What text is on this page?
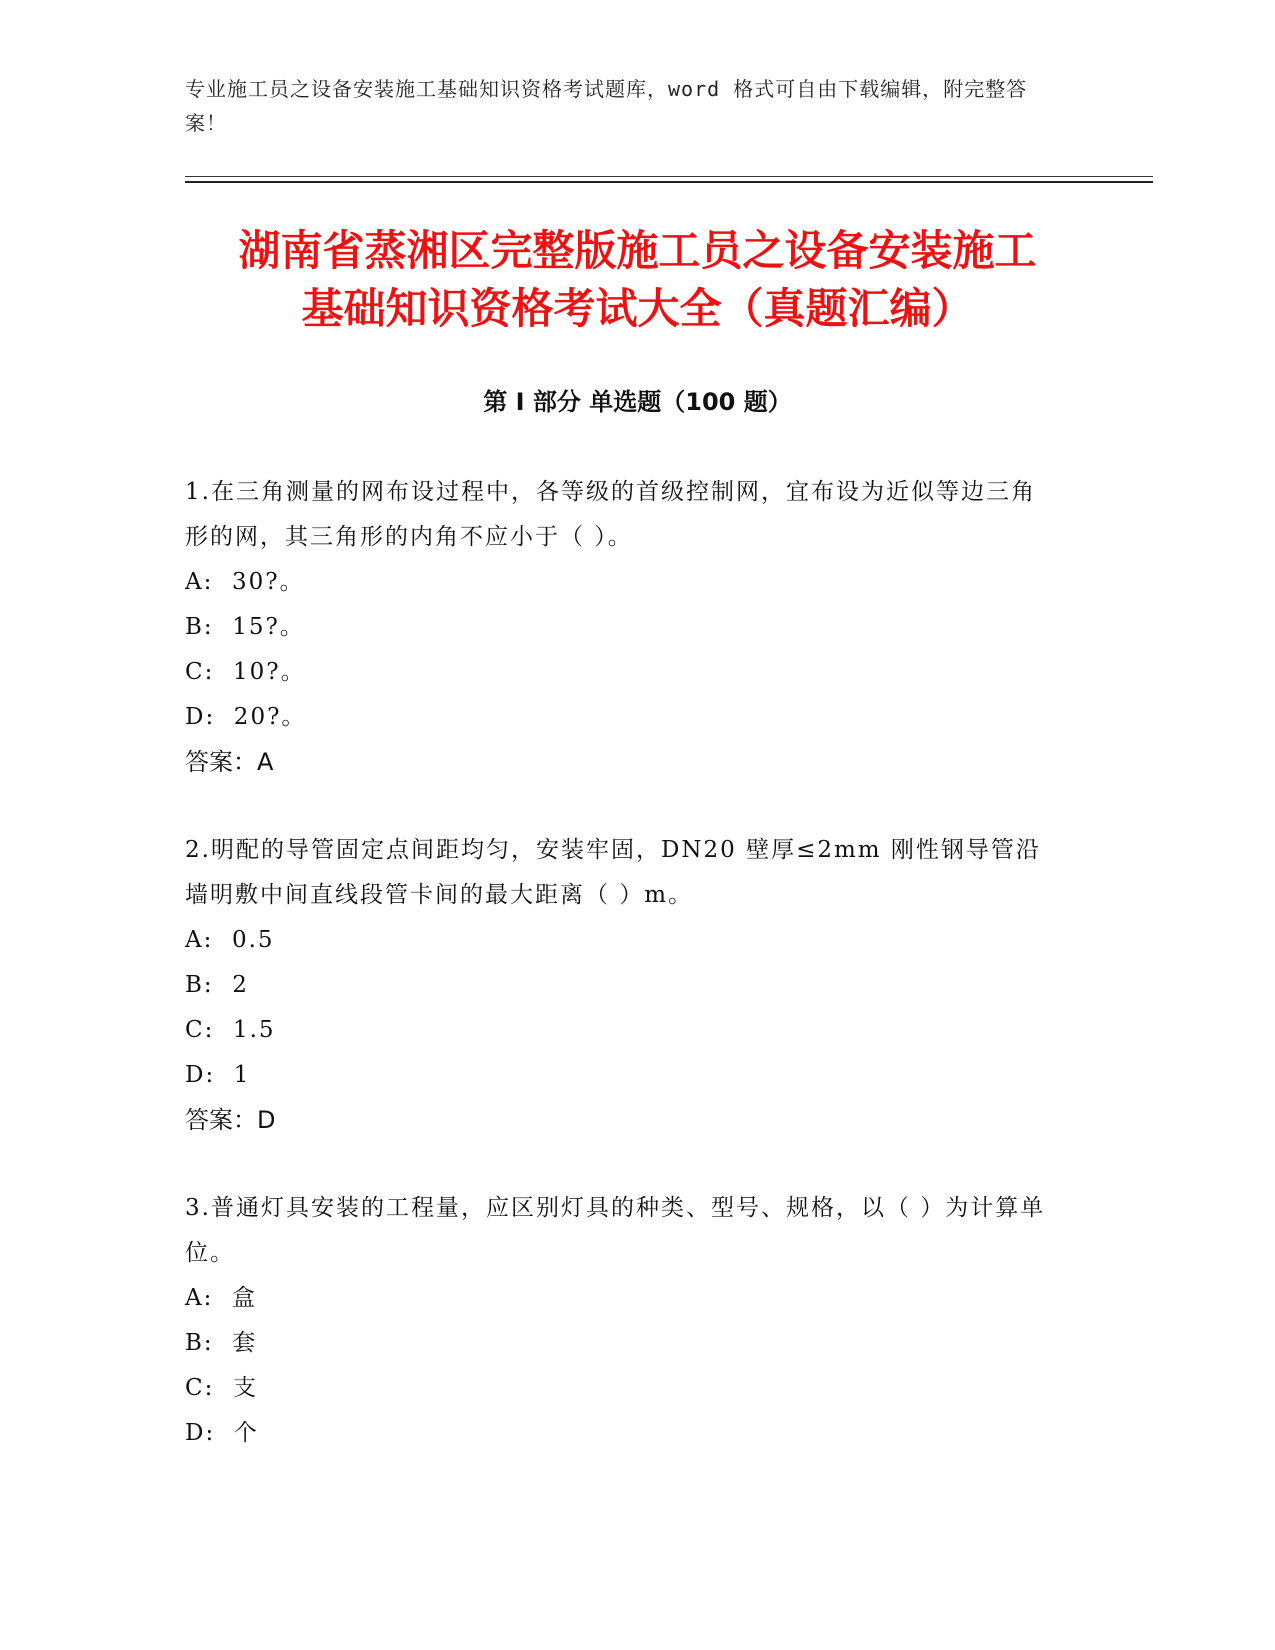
专业施工员之设备安装施工基础知识资格考试题库，word 格式可自由下载编辑，附完整答案！
湖南省蒸湘区完整版施工员之设备安装施工
基础知识资格考试大全（真题汇编）
第 I 部分 单选题（100 题）
1.在三角测量的网布设过程中，各等级的首级控制网，宜布设为近似等边三角形的网，其三角形的内角不应小于（ ）。
A:  30?。
B:  15?。
C:  10?。
D:  20?。
答案：A
2.明配的导管固定点间距均匀，安装牢固，DN20 壁厚≤2mm 刚性钢导管沿墙明敷中间直线段管卡间的最大距离（ ）m。
A:  0.5
B:  2
C:  1.5
D:  1
答案：D
3.普通灯具安装的工程量，应区别灯具的种类、型号、规格，以（ ）为计算单位。
A:  盒
B:  套
C:  支
D:  个
